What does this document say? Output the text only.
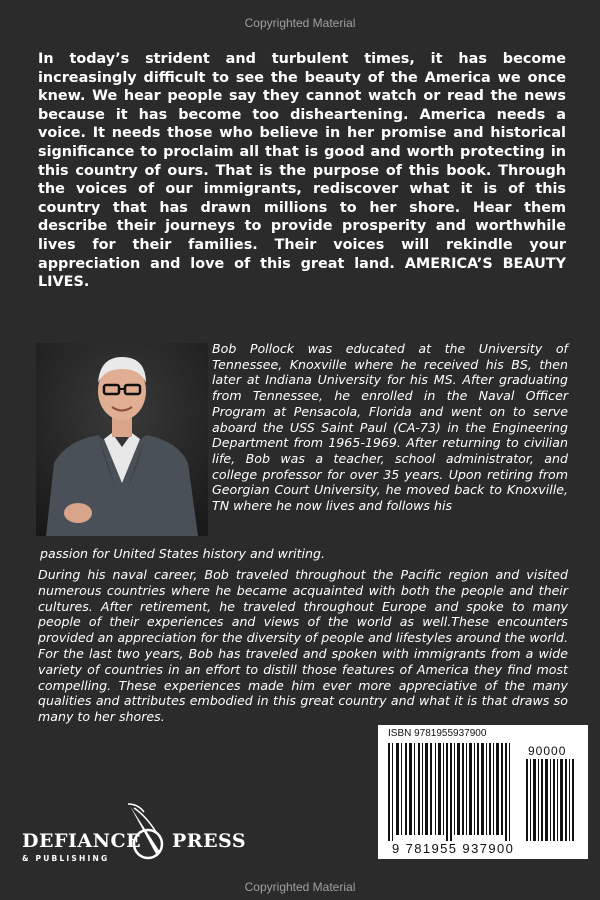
Copyrighted Material

In today’s strident and turbulent times, it has become increasingly difficult to see the beauty of the America we once knew. We hear people say they cannot watch or read the news because it has become too disheartening. America needs a voice. It needs those who believe in her promise and historical significance to proclaim all that is good and worth protecting in this country of ours. That is the purpose of this book. Through the voices of our immigrants, rediscover what it is of this country that has drawn millions to her shore. Hear them describe their journeys to provide prosperity and worthwhile lives for their families. Their voices will rekindle your appreciation and love of this great land. AMERICA’S BEAUTY LIVES.

Bob Pollock was educated at the University of Tennessee, Knoxville where he received his BS, then later at Indiana University for his MS. After graduating from Tennessee, he enrolled in the Naval Officer Program at Pensacola, Florida and went on to serve aboard the USS Saint Paul (CA-73) in the Engineering Department from 1965-1969. After returning to civilian life, Bob was a teacher, school administrator, and college professor for over 35 years. Upon retiring from Georgian Court University, he moved back to Knoxville, TN where he now lives and follows his

passion for United States history and writing.

During his naval career, Bob traveled throughout the Pacific region and visited numerous countries where he became acquainted with both the people and their cultures. After retirement, he traveled throughout Europe and spoke to many people of their experiences and views of the world as well.These encounters provided an appreciation for the diversity of people and lifestyles around the world. For the last two years, Bob has traveled and spoken with immigrants from a wide variety of countries in an effort to distill those features of America they find most compelling. These experiences made him ever more appreciative of the many qualities and attributes embodied in this great country and what it is that draws so many to her shores.

DEFIANCE PRESS
& PUBLISHING
ISBN 9781955937900
90000
9 781955 937900
Copyrighted Material
